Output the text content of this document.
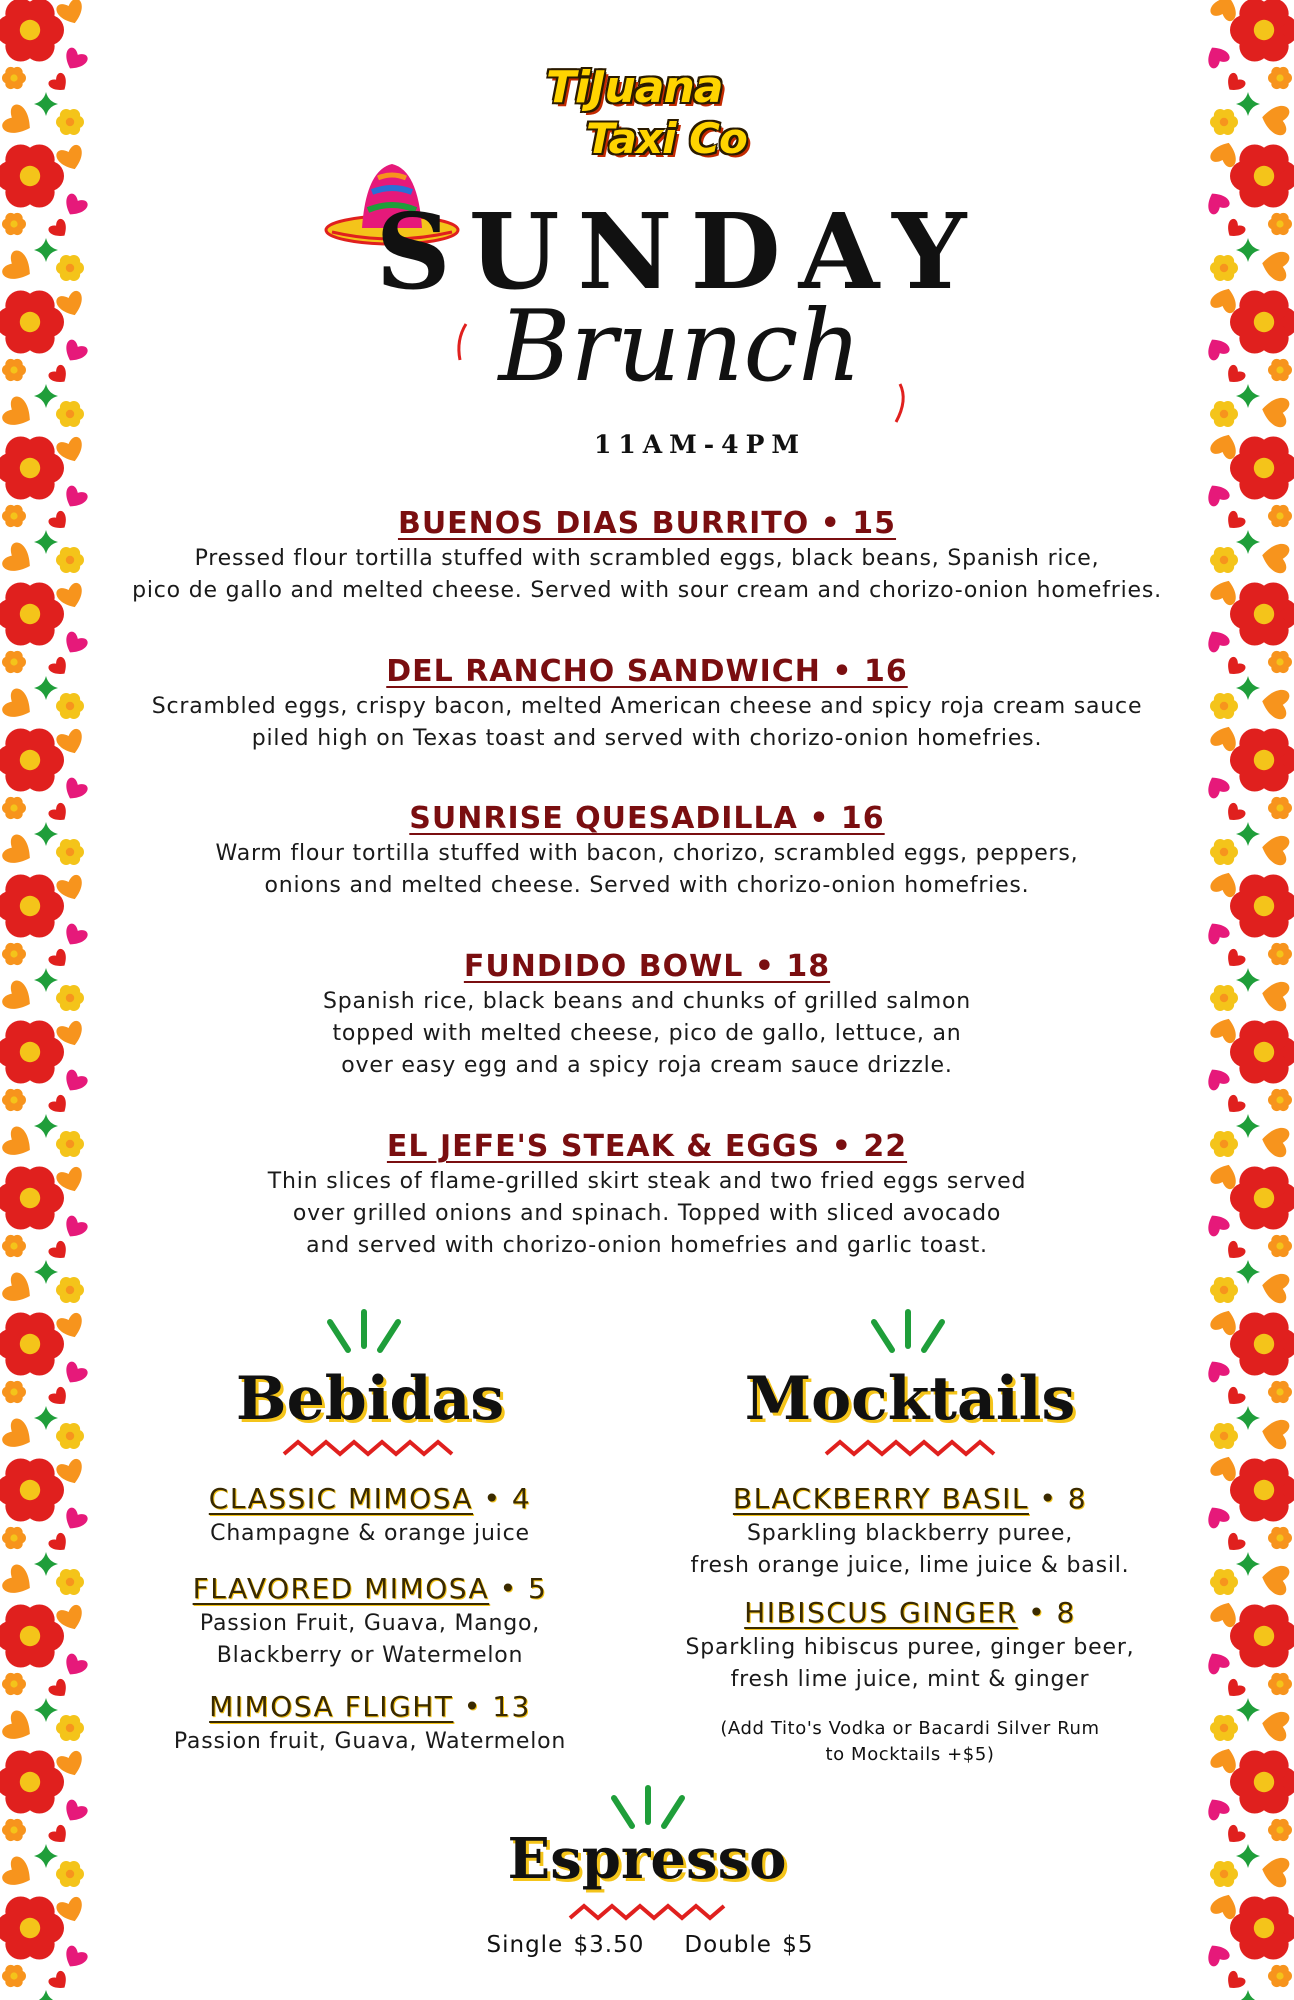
TiJuana
Taxi Co
SUNDAY
Brunch
11AM-4PM
BUENOS DIAS BURRITO • 15
Pressed flour tortilla stuffed with scrambled eggs, black beans, Spanish rice,
pico de gallo and melted cheese. Served with sour cream and chorizo-onion homefries.
DEL RANCHO SANDWICH • 16
Scrambled eggs, crispy bacon, melted American cheese and spicy roja cream sauce
piled high on Texas toast and served with chorizo-onion homefries.
SUNRISE QUESADILLA • 16
Warm flour tortilla stuffed with bacon, chorizo, scrambled eggs, peppers,
onions and melted cheese. Served with chorizo-onion homefries.
FUNDIDO BOWL • 18
Spanish rice, black beans and chunks of grilled salmon
topped with melted cheese, pico de gallo, lettuce, an
over easy egg and a spicy roja cream sauce drizzle.
EL JEFE'S STEAK & EGGS • 22
Thin slices of flame-grilled skirt steak and two fried eggs served
over grilled onions and spinach. Topped with sliced avocado
and served with chorizo-onion homefries and garlic toast.
Bebidas
CLASSIC MIMOSA • 4
Champagne & orange juice
FLAVORED MIMOSA • 5
Passion Fruit, Guava, Mango,
Blackberry or Watermelon
MIMOSA FLIGHT • 13
Passion fruit, Guava, Watermelon
Mocktails
BLACKBERRY BASIL • 8
Sparkling blackberry puree,
fresh orange juice, lime juice & basil.
HIBISCUS GINGER • 8
Sparkling hibiscus puree, ginger beer,
fresh lime juice, mint & ginger
(Add Tito's Vodka or Bacardi Silver Rum
to Mocktails +$5)
Espresso
Single $3.50 Double $5
